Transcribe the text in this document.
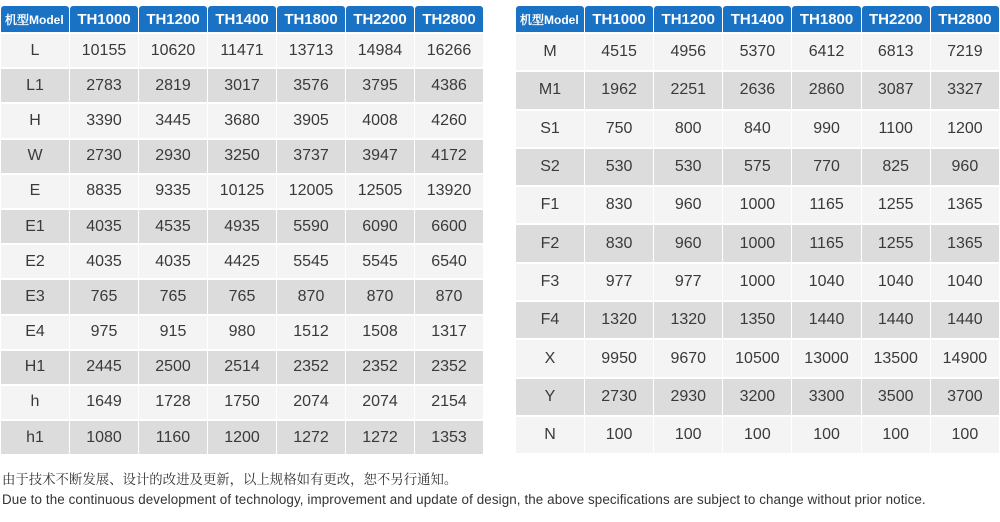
机型Model	TH1000	TH1200	TH1400	TH1800	TH2200	TH2800
L	10155	10620	11471	13713	14984	16266
L1	2783	2819	3017	3576	3795	4386
H	3390	3445	3680	3905	4008	4260
W	2730	2930	3250	3737	3947	4172
E	8835	9335	10125	12005	12505	13920
E1	4035	4535	4935	5590	6090	6600
E2	4035	4035	4425	5545	5545	6540
E3	765	765	765	870	870	870
E4	975	915	980	1512	1508	1317
H1	2445	2500	2514	2352	2352	2352
h	1649	1728	1750	2074	2074	2154
h1	1080	1160	1200	1272	1272	1353
机型Model	TH1000	TH1200	TH1400	TH1800	TH2200	TH2800
M	4515	4956	5370	6412	6813	7219
M1	1962	2251	2636	2860	3087	3327
S1	750	800	840	990	1100	1200
S2	530	530	575	770	825	960
F1	830	960	1000	1165	1255	1365
F2	830	960	1000	1165	1255	1365
F3	977	977	1000	1040	1040	1040
F4	1320	1320	1350	1440	1440	1440
X	9950	9670	10500	13000	13500	14900
Y	2730	2930	3200	3300	3500	3700
N	100	100	100	100	100	100
由于技术不断发展、设计的改进及更新，以上规格如有更改，恕不另行通知。
Due to the continuous development of technology, improvement and update of design, the above specifications are subject to change without prior notice.
